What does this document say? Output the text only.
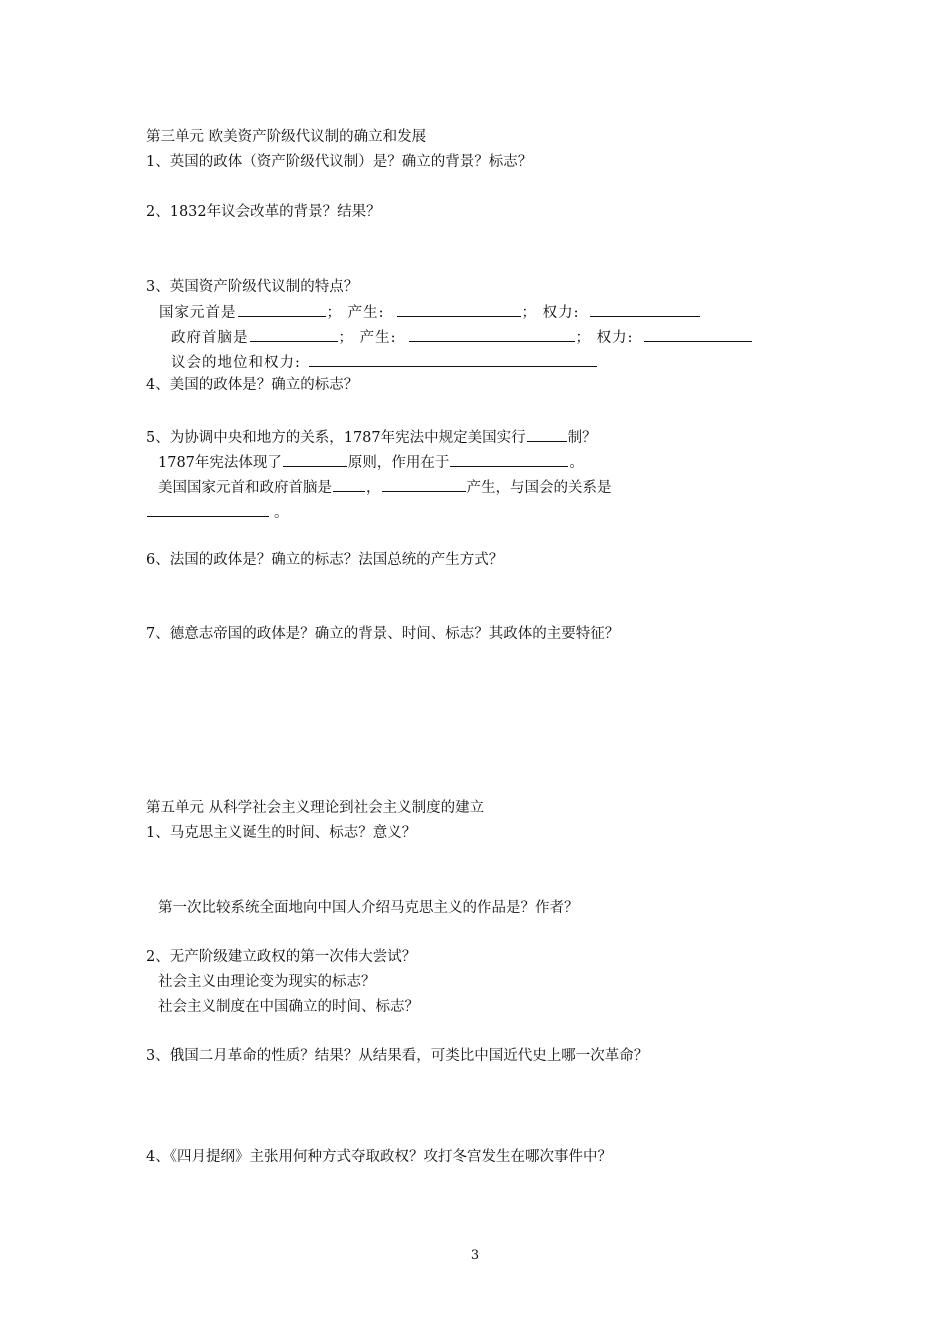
第三单元 欧美资产阶级代议制的确立和发展
1、英国的政体（资产阶级代议制）是？确立的背景？标志？
2、1832年议会改革的背景？结果？
3、英国资产阶级代议制的特点？
国家元首是	； 产生:	； 权力:
政府首脑是	； 产生:	； 权力:
议会的地位和权力:
4、美国的政体是？确立的标志？
5、为协调中央和地方的关系，1787年宪法中规定美国实行	制？
1787年宪法体现了	原则，作用在于	。
美国国家元首和政府首脑是 ，	产生，与国会的关系是
。
6、法国的政体是？确立的标志？法国总统的产生方式？
7、德意志帝国的政体是？确立的背景、时间、标志？其政体的主要特征？
第五单元 从科学社会主义理论到社会主义制度的建立
1、马克思主义诞生的时间、标志？意义？
第一次比较系统全面地向中国人介绍马克思主义的作品是？作者？
2、无产阶级建立政权的第一次伟大尝试？
社会主义由理论变为现实的标志？
社会主义制度在中国确立的时间、标志？
3、俄国二月革命的性质？结果？从结果看，可类比中国近代史上哪一次革命？
4、《四月提纲》主张用何种方式夺取政权？攻打冬宫发生在哪次事件中？
3
